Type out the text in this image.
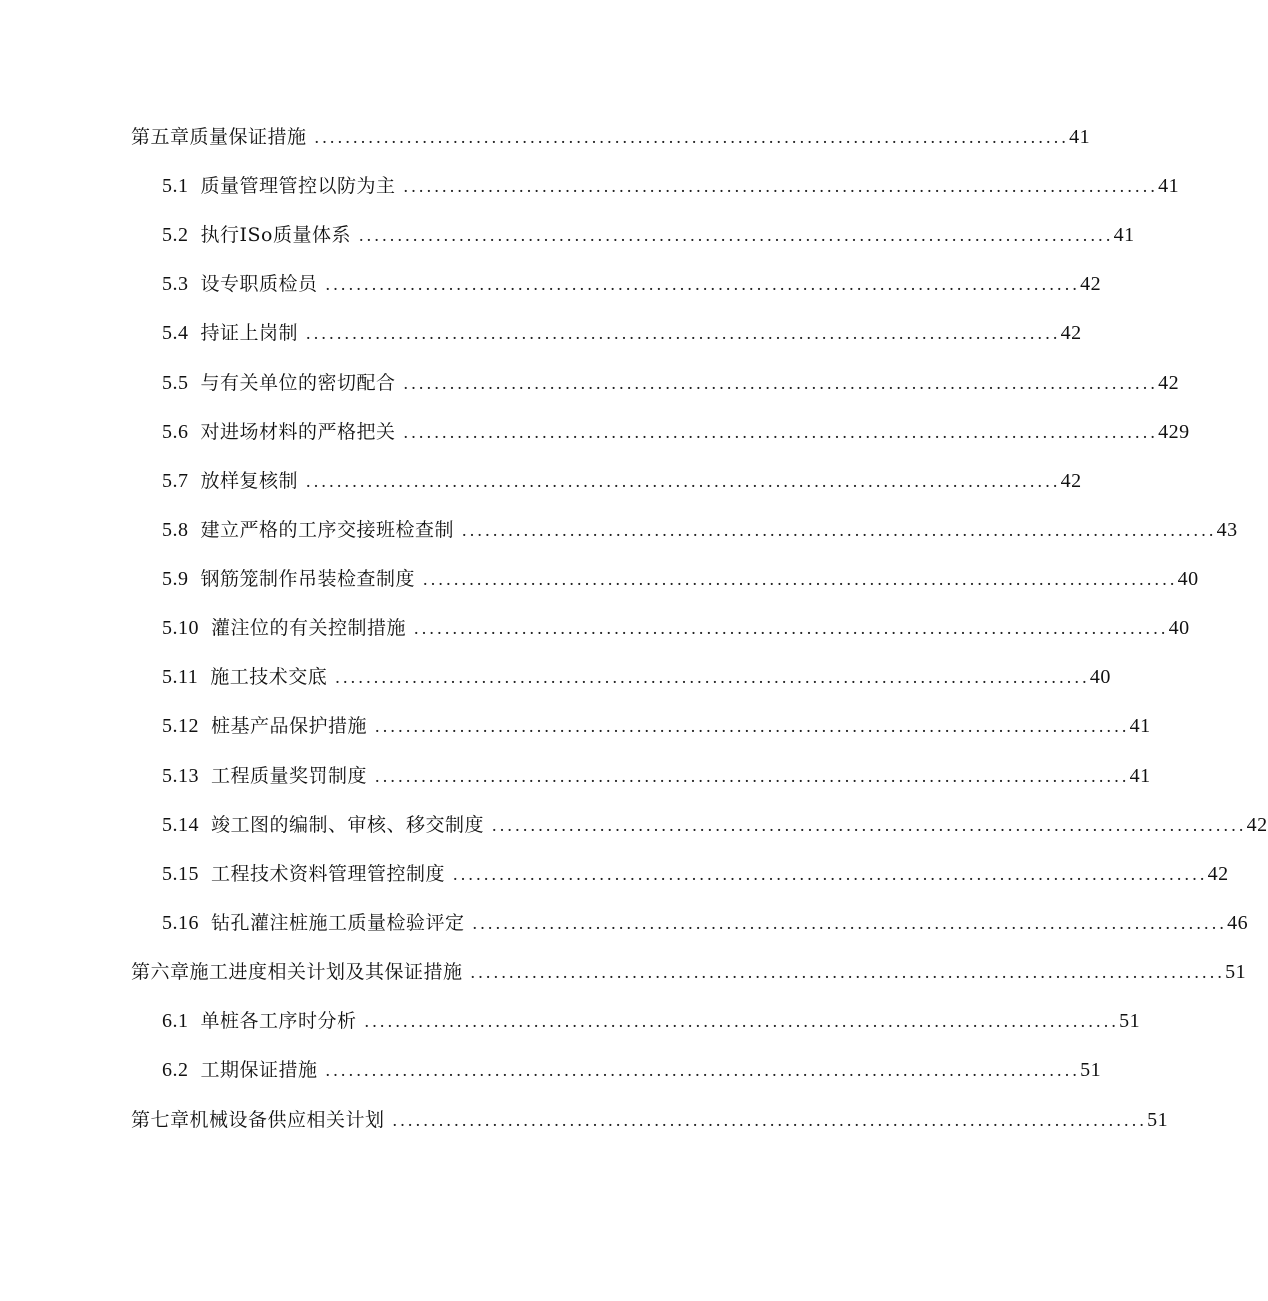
第五章质量保证措施 .................................................................................................. 41
5.1 质量管理管控以防为主 .................................................................................................. 41
5.2 执行ISo质量体系 .................................................................................................. 41
5.3 设专职质检员 .................................................................................................. 42
5.4 持证上岗制 .................................................................................................. 42
5.5 与有关单位的密切配合 .................................................................................................. 42
5.6 对进场材料的严格把关 .................................................................................................. 429
5.7 放样复核制 .................................................................................................. 42
5.8 建立严格的工序交接班检查制 .................................................................................................. 43
5.9 钢筋笼制作吊装检查制度 .................................................................................................. 40
5.10 灌注位的有关控制措施 .................................................................................................. 40
5.11 施工技术交底 .................................................................................................. 40
5.12 桩基产品保护措施 .................................................................................................. 41
5.13 工程质量奖罚制度 .................................................................................................. 41
5.14 竣工图的编制、审核、移交制度 .................................................................................................. 42
5.15 工程技术资料管理管控制度 .................................................................................................. 42
5.16 钻孔灌注桩施工质量检验评定 .................................................................................................. 46
第六章施工进度相关计划及其保证措施 .................................................................................................. 51
6.1 单桩各工序时分析 .................................................................................................. 51
6.2 工期保证措施 .................................................................................................. 51
第七章机械设备供应相关计划 .................................................................................................. 51
